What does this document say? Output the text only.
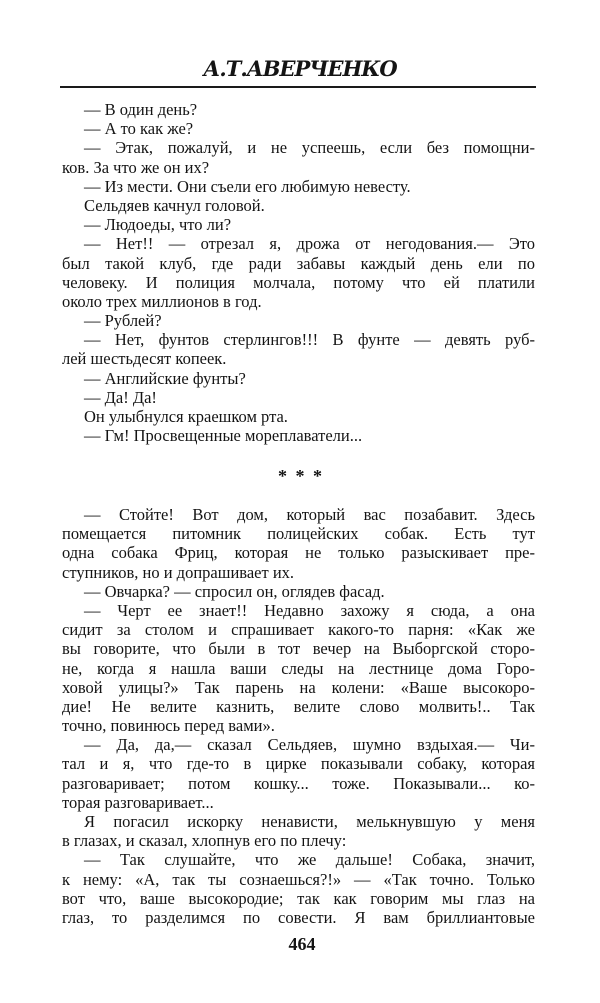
А.Т.АВЕРЧЕНКО
— В один день?
— А то как же?
— Этак, пожалуй, и не успеешь, если без помощни-
ков. За что же он их?
— Из мести. Они съели его любимую невесту.
Сельдяев качнул головой.
— Людоеды, что ли?
— Нет!! — отрезал я, дрожа от негодования.— Это
был такой клуб, где ради забавы каждый день ели по
человеку. И полиция молчала, потому что ей платили
около трех миллионов в год.
— Рублей?
— Нет, фунтов стерлингов!!! В фунте — девять руб-
лей шестьдесят копеек.
— Английские фунты?
— Да! Да!
Он улыбнулся краешком рта.
— Гм! Просвещенные мореплаватели...
* * *
— Стойте! Вот дом, который вас позабавит. Здесь
помещается питомник полицейских собак. Есть тут
одна собака Фриц, которая не только разыскивает пре-
ступников, но и допрашивает их.
— Овчарка? — спросил он, оглядев фасад.
— Черт ее знает!! Недавно захожу я сюда, а она
сидит за столом и спрашивает какого-то парня: «Как же
вы говорите, что были в тот вечер на Выборгской сторо-
не, когда я нашла ваши следы на лестнице дома Горо-
ховой улицы?» Так парень на колени: «Ваше высокоро-
дие! Не велите казнить, велите слово молвить!.. Так
точно, повинюсь перед вами».
— Да, да,— сказал Сельдяев, шумно вздыхая.— Чи-
тал и я, что где-то в цирке показывали собаку, которая
разговаривает; потом кошку... тоже. Показывали... ко-
торая разговаривает...
Я погасил искорку ненависти, мелькнувшую у меня
в глазах, и сказал, хлопнув его по плечу:
— Так слушайте, что же дальше! Собака, значит,
к нему: «А, так ты сознаешься?!» — «Так точно. Только
вот что, ваше высокородие; так как говорим мы глаз на
глаз, то разделимся по совести. Я вам бриллиантовые
464
